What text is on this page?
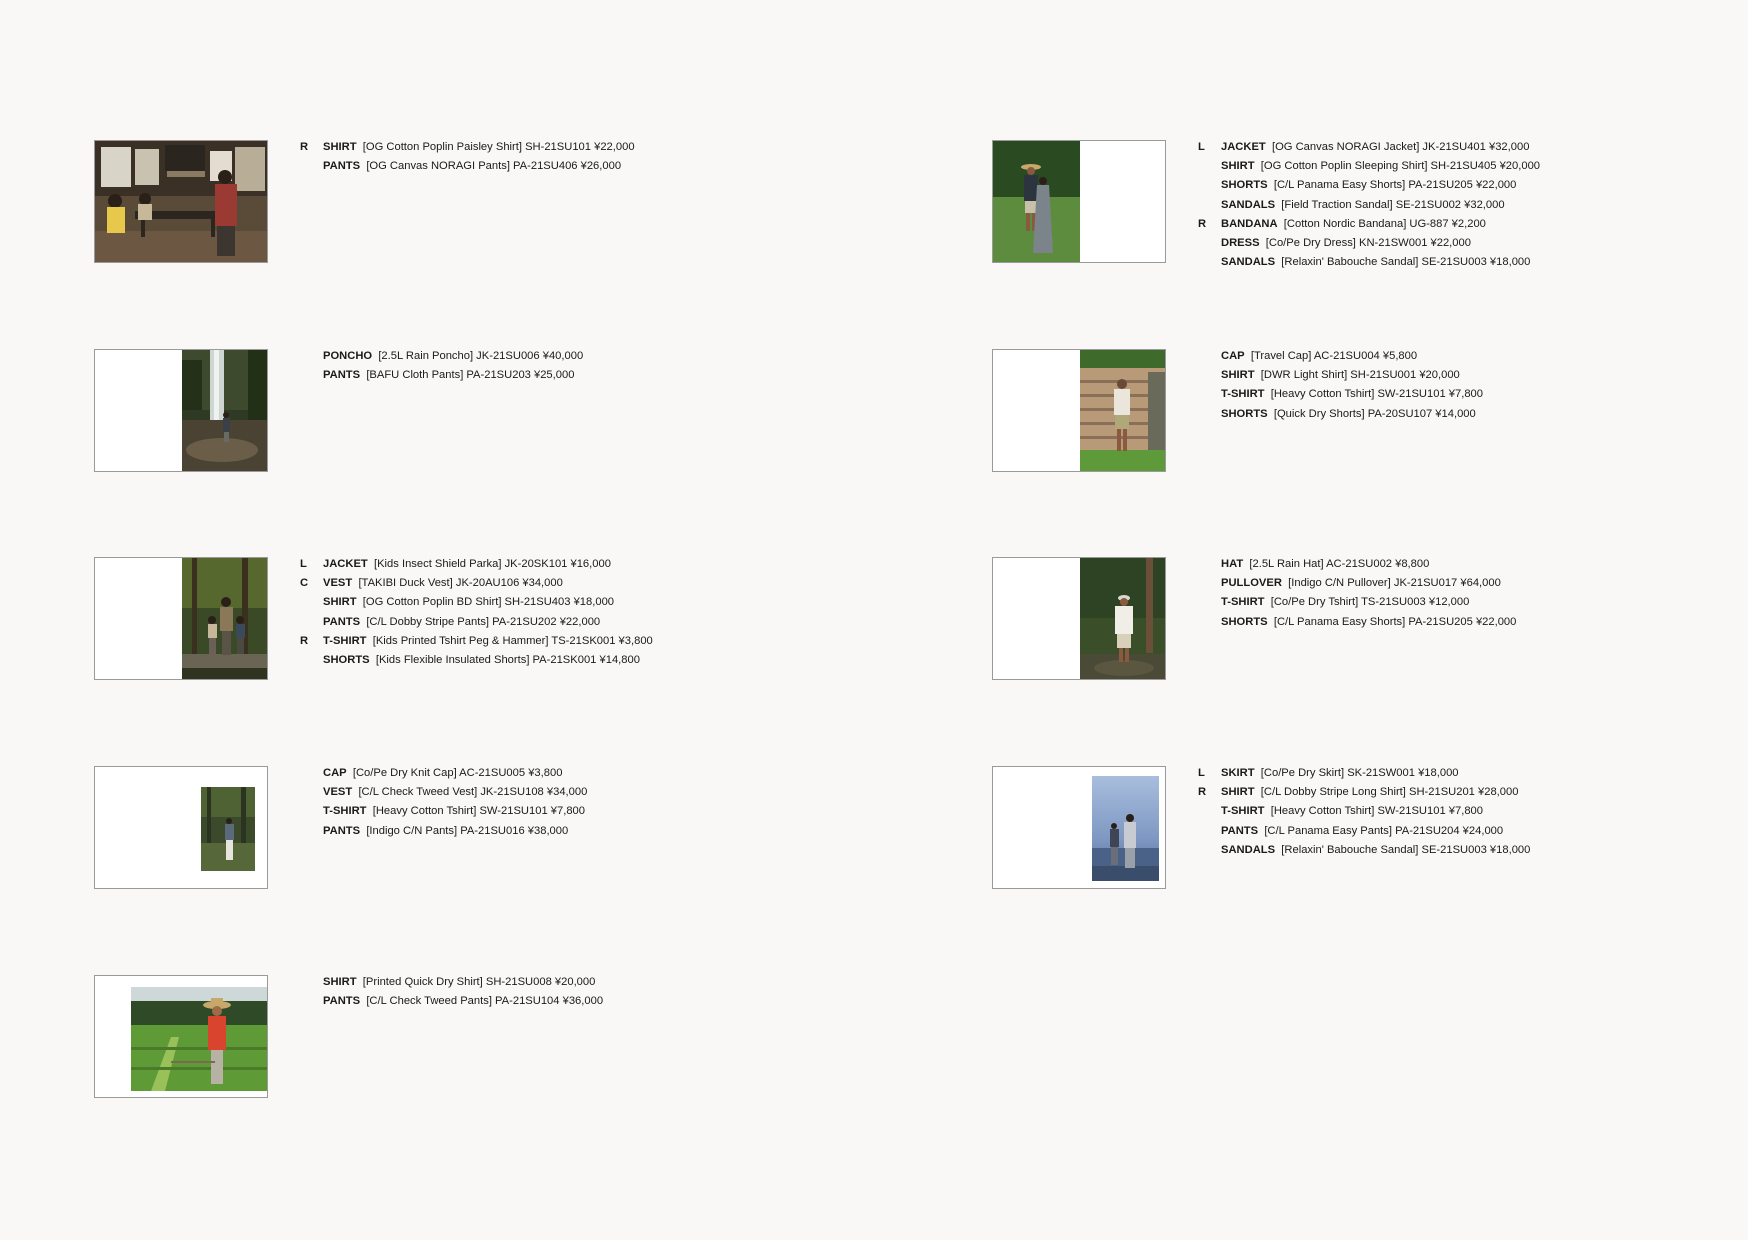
R SHIRT [OG Cotton Poplin Paisley Shirt] SH-21SU101 ¥22,000
PANTS [OG Canvas NORAGI Pants] PA-21SU406 ¥26,000
PONCHO [2.5L Rain Poncho] JK-21SU006 ¥40,000
PANTS [BAFU Cloth Pants] PA-21SU203 ¥25,000
L JACKET [Kids Insect Shield Parka] JK-20SK101 ¥16,000
C VEST [TAKIBI Duck Vest] JK-20AU106 ¥34,000
SHIRT [OG Cotton Poplin BD Shirt] SH-21SU403 ¥18,000
PANTS [C/L Dobby Stripe Pants] PA-21SU202 ¥22,000
R T-SHIRT [Kids Printed Tshirt Peg & Hammer] TS-21SK001 ¥3,800
SHORTS [Kids Flexible Insulated Shorts] PA-21SK001 ¥14,800
CAP [Co/Pe Dry Knit Cap] AC-21SU005 ¥3,800
VEST [C/L Check Tweed Vest] JK-21SU108 ¥34,000
T-SHIRT [Heavy Cotton Tshirt] SW-21SU101 ¥7,800
PANTS [Indigo C/N Pants] PA-21SU016 ¥38,000
SHIRT [Printed Quick Dry Shirt] SH-21SU008 ¥20,000
PANTS [C/L Check Tweed Pants] PA-21SU104 ¥36,000
L JACKET [OG Canvas NORAGI Jacket] JK-21SU401 ¥32,000
SHIRT [OG Cotton Poplin Sleeping Shirt] SH-21SU405 ¥20,000
SHORTS [C/L Panama Easy Shorts] PA-21SU205 ¥22,000
SANDALS [Field Traction Sandal] SE-21SU002 ¥32,000
R BANDANA [Cotton Nordic Bandana] UG-887 ¥2,200
DRESS [Co/Pe Dry Dress] KN-21SW001 ¥22,000
SANDALS [Relaxin' Babouche Sandal] SE-21SU003 ¥18,000
CAP [Travel Cap] AC-21SU004 ¥5,800
SHIRT [DWR Light Shirt] SH-21SU001 ¥20,000
T-SHIRT [Heavy Cotton Tshirt] SW-21SU101 ¥7,800
SHORTS [Quick Dry Shorts] PA-20SU107 ¥14,000
HAT [2.5L Rain Hat] AC-21SU002 ¥8,800
PULLOVER [Indigo C/N Pullover] JK-21SU017 ¥64,000
T-SHIRT [Co/Pe Dry Tshirt] TS-21SU003 ¥12,000
SHORTS [C/L Panama Easy Shorts] PA-21SU205 ¥22,000
L SKIRT [Co/Pe Dry Skirt] SK-21SW001 ¥18,000
R SHIRT [C/L Dobby Stripe Long Shirt] SH-21SU201 ¥28,000
T-SHIRT [Heavy Cotton Tshirt] SW-21SU101 ¥7,800
PANTS [C/L Panama Easy Pants] PA-21SU204 ¥24,000
SANDALS [Relaxin' Babouche Sandal] SE-21SU003 ¥18,000
